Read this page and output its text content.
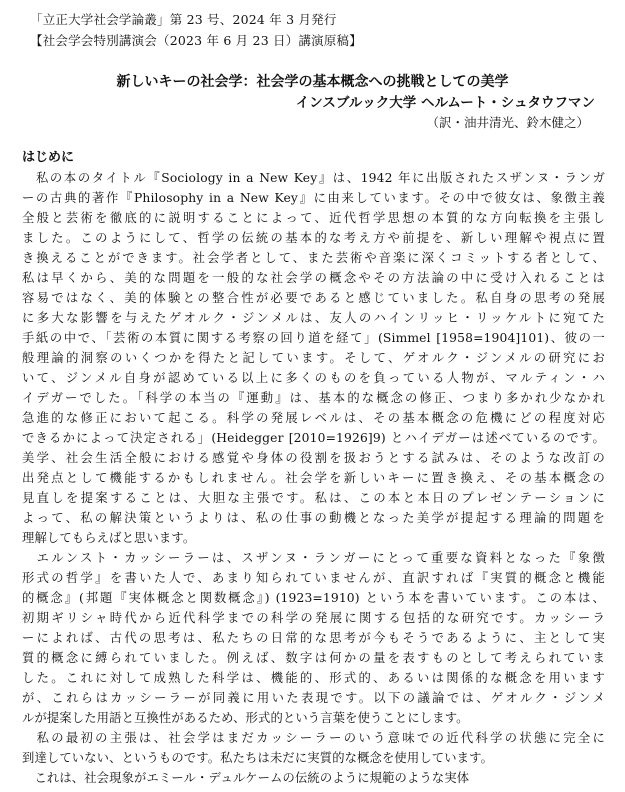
「立正大学社会学論叢」第 23 号、2024 年 3 月発行
【社会学会特別講演会（2023 年 6 月 23 日）講演原稿】
新しいキーの社会学：社会学の基本概念への挑戦としての美学
インスブルック大学 ヘルムート・シュタウフマン
（訳・油井清光、鈴木健之）
はじめに
　私の本のタイトル『Sociology in a New Key』は、1942 年に出版されたスザンヌ・ランガ
ーの古典的著作『Philosophy in a New Key』に由来しています。その中で彼女は、象徴主義
全般と芸術を徹底的に説明することによって、近代哲学思想の本質的な方向転換を主張し
ました。このようにして、哲学の伝統の基本的な考え方や前提を、新しい理解や視点に置
き換えることができます。社会学者として、また芸術や音楽に深くコミットする者として、
私は早くから、美的な問題を一般的な社会学の概念やその方法論の中に受け入れることは
容易ではなく、美的体験との整合性が必要であると感じていました。私自身の思考の発展
に多大な影響を与えたゲオルク・ジンメルは、友人のハインリッヒ・リッケルトに宛てた
手紙の中で、「芸術の本質に関する考察の回り道を経て」(Simmel [1958=1904]101)、彼の一
般理論的洞察のいくつかを得たと記しています。そして、ゲオルク・ジンメルの研究にお
いて、ジンメル自身が認めている以上に多くのものを負っている人物が、マルティン・ハ
イデガーでした。「科学の本当の『運動』は、基本的な概念の修正、つまり多かれ少なかれ
急進的な修正において起こる。科学の発展レベルは、その基本概念の危機にどの程度対応
できるかによって決定される」(Heidegger [2010=1926]9) とハイデガーは述べているのです。
美学、社会生活全般における感覚や身体の役割を扱おうとする試みは、そのような改訂の
出発点として機能するかもしれません。社会学を新しいキーに置き換え、その基本概念の
見直しを提案することは、大胆な主張です。私は、この本と本日のプレゼンテーションに
よって、私の解決策というよりは、私の仕事の動機となった美学が提起する理論的問題を
理解してもらえばと思います。
　エルンスト・カッシーラーは、スザンヌ・ランガーにとって重要な資料となった『象徴
形式の哲学』を書いた人で、あまり知られていませんが、直訳すれば『実質的概念と機能
的概念』(邦題『実体概念と関数概念』) (1923=1910) という本を書いています。この本は、
初期ギリシャ時代から近代科学までの科学の発展に関する包括的な研究です。カッシーラ
ーによれば、古代の思考は、私たちの日常的な思考が今もそうであるように、主として実
質的概念に縛られていました。例えば、数字は何かの量を表すものとして考えられていま
した。これに対して成熟した科学は、機能的、形式的、あるいは関係的な概念を用います
が、これらはカッシーラーが同義に用いた表現です。以下の議論では、ゲオルク・ジンメ
ルが提案した用語と互換性があるため、形式的という言葉を使うことにします。
　私の最初の主張は、社会学はまだカッシーラーのいう意味での近代科学の状態に完全に
到達していない、というものです。私たちは未だに実質的な概念を使用しています。
　これは、社会現象がエミール・デュルケームの伝統のように規範のような実体
